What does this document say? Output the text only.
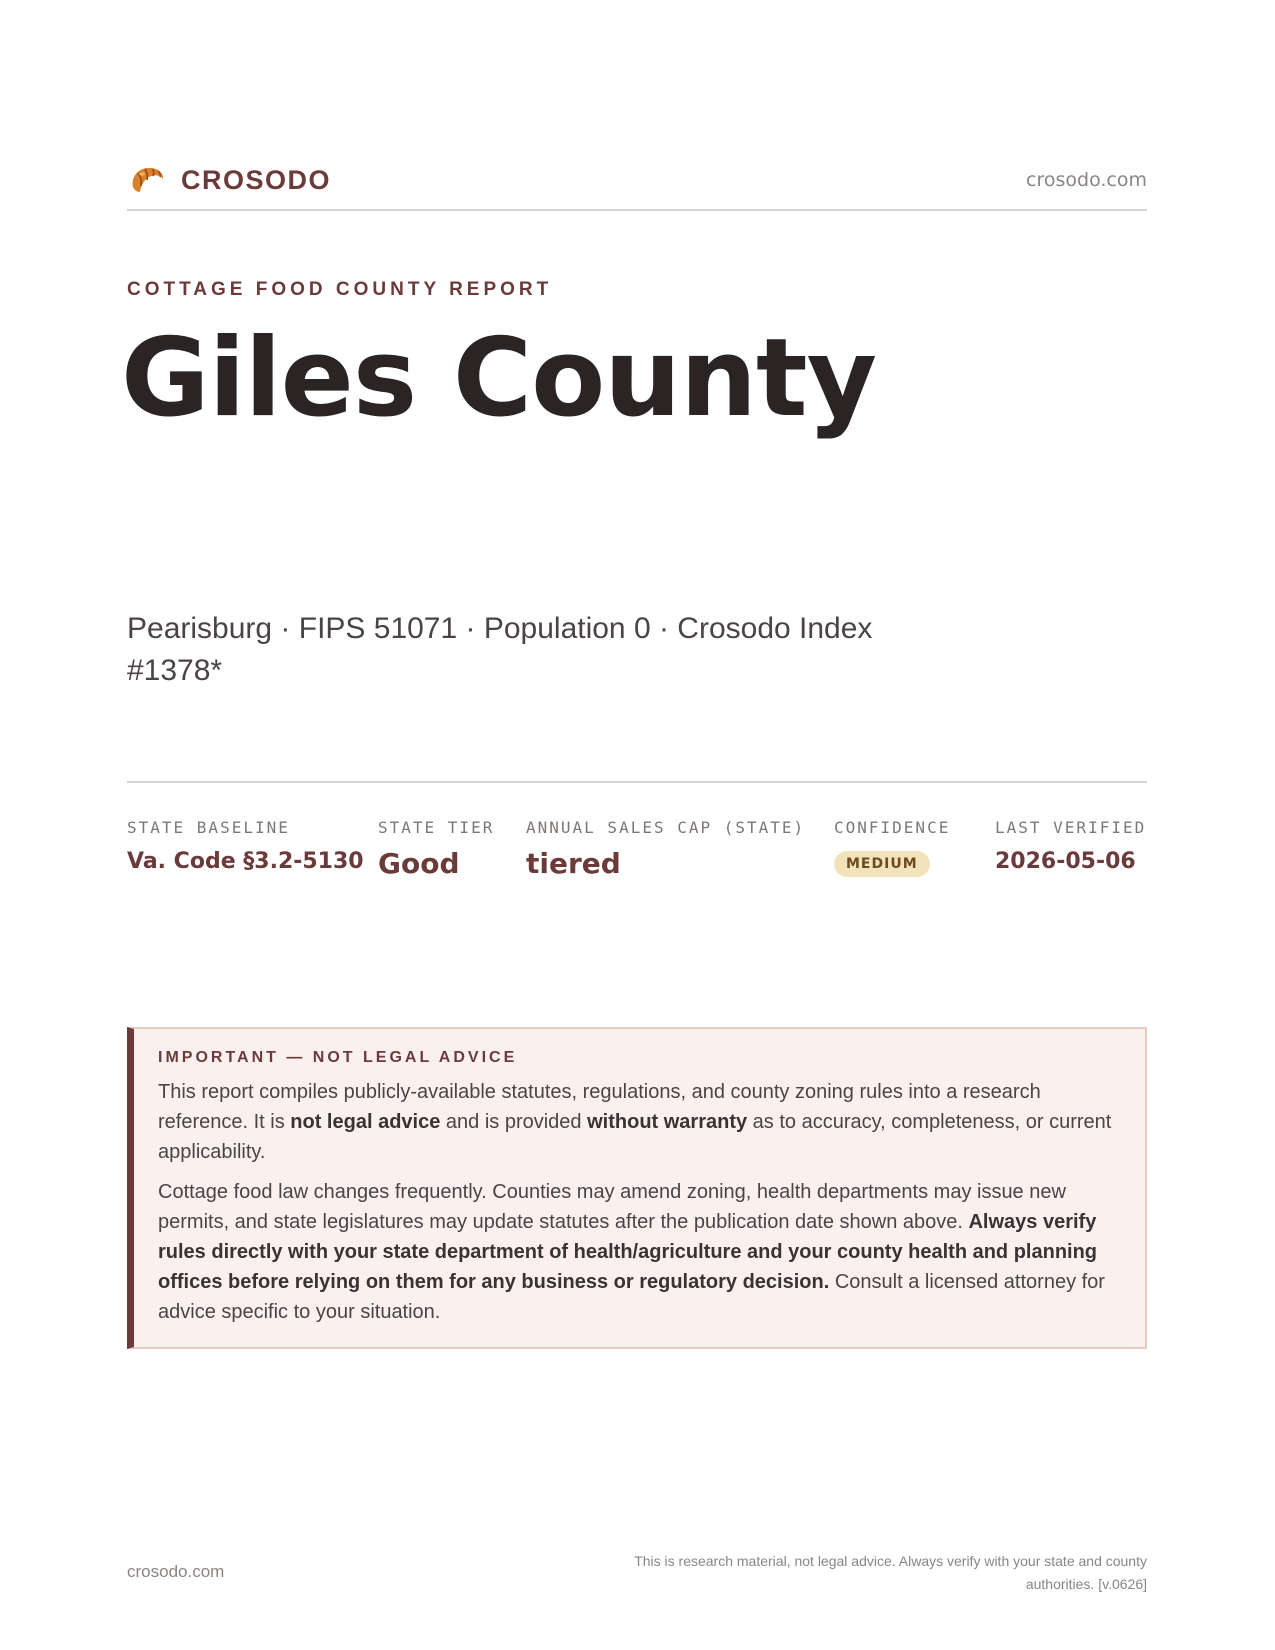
CROSODO	crosodo.com
COTTAGE FOOD COUNTY REPORT
Giles County
Pearisburg · FIPS 51071 · Population 0 · Crosodo Index #1378*
STATE BASELINE
Va. Code §3.2-5130
STATE TIER
Good
ANNUAL SALES CAP (STATE)
tiered
CONFIDENCE
MEDIUM
LAST VERIFIED
2026-05-06
IMPORTANT — NOT LEGAL ADVICE

This report compiles publicly-available statutes, regulations, and county zoning rules into a research reference. It is not legal advice and is provided without warranty as to accuracy, completeness, or current applicability.

Cottage food law changes frequently. Counties may amend zoning, health departments may issue new permits, and state legislatures may update statutes after the publication date shown above. Always verify rules directly with your state department of health/agriculture and your county health and planning offices before relying on them for any business or regulatory decision. Consult a licensed attorney for advice specific to your situation.

crosodo.com
This is research material, not legal advice. Always verify with your state and county authorities. [v.0626]
